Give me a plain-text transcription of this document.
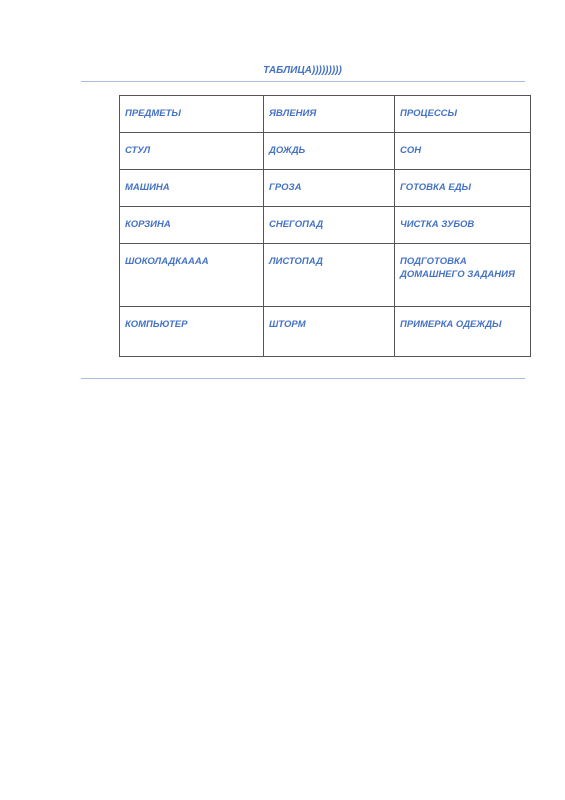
ТАБЛИЦА)))))))))
ПРЕДМЕТЫ	ЯВЛЕНИЯ	ПРОЦЕССЫ
СТУЛ	ДОЖДЬ	СОН
МАШИНА	ГРОЗА	ГОТОВКА ЕДЫ
КОРЗИНА	СНЕГОПАД	ЧИСТКА ЗУБОВ
ШОКОЛАДКАААА	ЛИСТОПАД	ПОДГОТОВКА ДОМАШНЕГО ЗАДАНИЯ
КОМПЬЮТЕР	ШТОРМ	ПРИМЕРКА ОДЕЖДЫ
